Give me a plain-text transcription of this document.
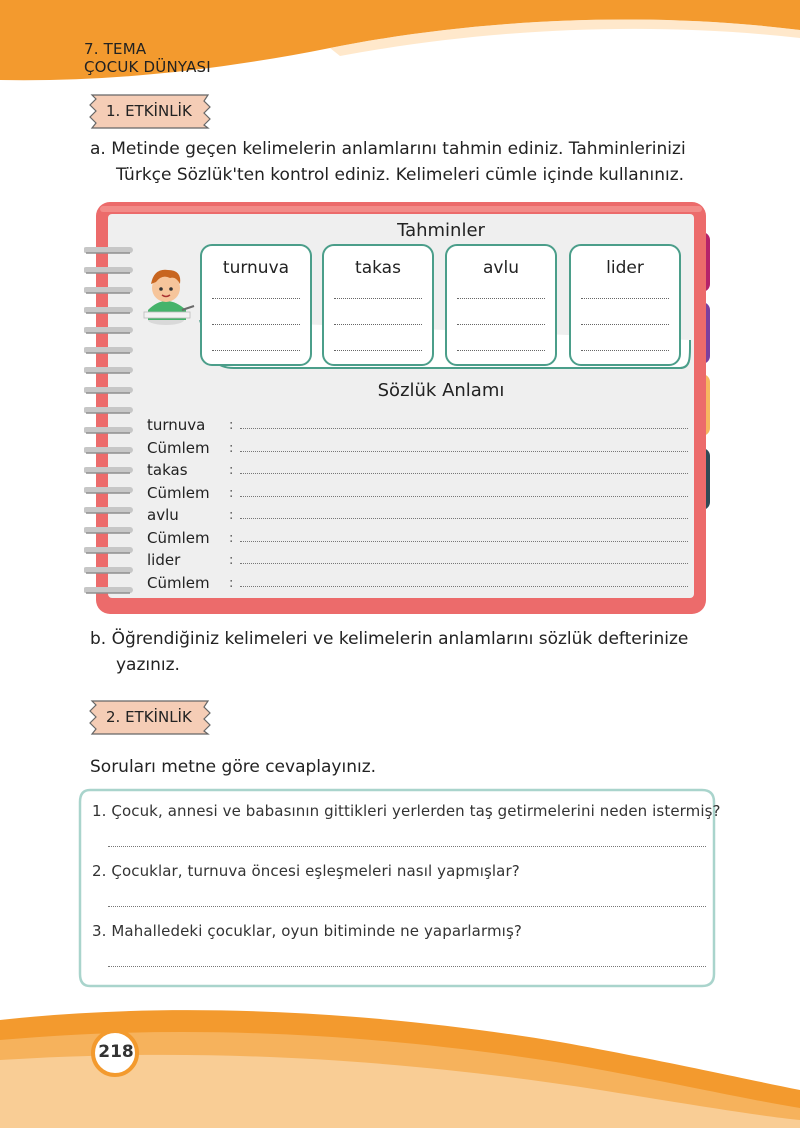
7. TEMA
ÇOCUK DÜNYASI
1. ETKİNLİK
a. Metinde geçen kelimelerin anlamlarını tahmin ediniz. Tahminlerinizi
Türkçe Sözlük'ten kontrol ediniz. Kelimeleri cümle içinde kullanınız.
Tahminler
turnuva	takas	avlu	lider
Sözlük Anlamı
turnuva :
Cümlem :
takas	:
Cümlem :
avlu	:
Cümlem :
lider	:
Cümlem :
b. Öğrendiğiniz kelimeleri ve kelimelerin anlamlarını sözlük defterinize
yazınız.
2. ETKİNLİK
Soruları metne göre cevaplayınız.
1. Çocuk, annesi ve babasının gittikleri yerlerden taş getirmelerini neden istermiş?
2. Çocuklar, turnuva öncesi eşleşmeleri nasıl yapmışlar?
3. Mahalledeki çocuklar, oyun bitiminde ne yaparlarmış?
218
